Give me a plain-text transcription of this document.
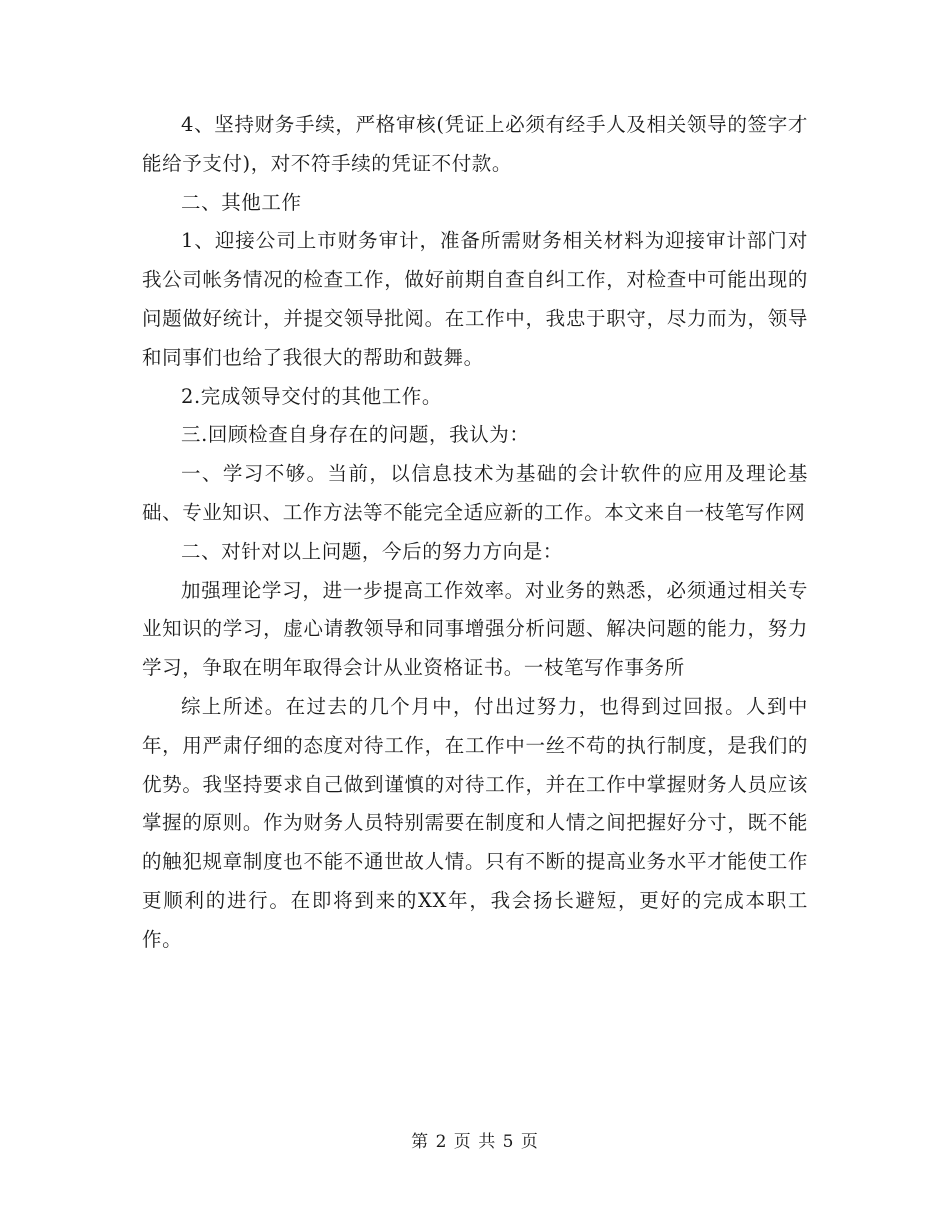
4、坚持财务手续，严格审核(凭证上必须有经手人及相关领导的签字才能给予支付)，对不符手续的凭证不付款。

二、其他工作

1、迎接公司上市财务审计，准备所需财务相关材料为迎接审计部门对我公司帐务情况的检查工作，做好前期自查自纠工作，对检查中可能出现的问题做好统计，并提交领导批阅。在工作中，我忠于职守，尽力而为，领导和同事们也给了我很大的帮助和鼓舞。

2.完成领导交付的其他工作。

三.回顾检查自身存在的问题，我认为：

一、学习不够。当前，以信息技术为基础的会计软件的应用及理论基础、专业知识、工作方法等不能完全适应新的工作。本文来自一枝笔写作网

二、对针对以上问题，今后的努力方向是：

加强理论学习，进一步提高工作效率。对业务的熟悉，必须通过相关专业知识的学习，虚心请教领导和同事增强分析问题、解决问题的能力，努力学习，争取在明年取得会计从业资格证书。一枝笔写作事务所

综上所述。在过去的几个月中，付出过努力，也得到过回报。人到中年，用严肃仔细的态度对待工作，在工作中一丝不苟的执行制度，是我们的优势。我坚持要求自己做到谨慎的对待工作，并在工作中掌握财务人员应该掌握的原则。作为财务人员特别需要在制度和人情之间把握好分寸，既不能的触犯规章制度也不能不通世故人情。只有不断的提高业务水平才能使工作更顺利的进行。在即将到来的XX年，我会扬长避短，更好的完成本职工作。

第 2 页 共 5 页
